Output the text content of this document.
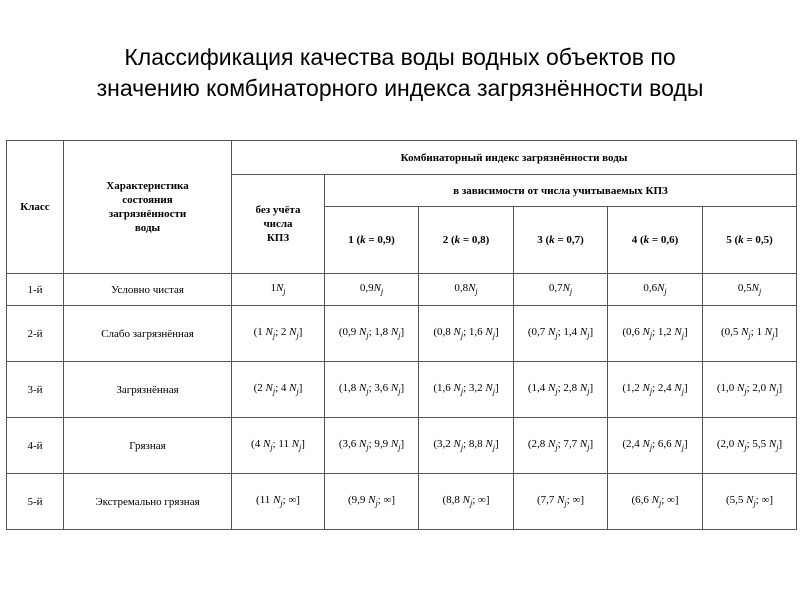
Классификация качества воды водных объектов по
значению комбинаторного индекса загрязнённости воды
Класс	Характеристика
состояния
загрязнённости
воды	Комбинаторный индекс загрязнённости воды					

		без учёта
числа
КПЗ	в зависимости от числа учитываемых КПЗ				
			1 (k = 0,9)	2 (k = 0,8)	3 (k = 0,7)	4 (k = 0,6)	5 (k = 0,5)
1-й	Условно чистая	$1N_j$	$0,9N_j$	$0,8N_j$	$0,7N_j$	$0,6N_j$	$0,5N_j$
2-й	Слабо загрязнённая	(1 $N_j$; 2 $N_j$]	(0,9 $N_j$; 1,8 $N_j$]	(0,8 $N_j$; 1,6 $N_j$]	(0,7 $N_j$; 1,4 $N_j$]	(0,6 $N_j$; 1,2 $N_j$]	(0,5 $N_j$; 1 $N_j$]
3-й	Загрязнённая	(2 $N_j$; 4 $N_j$]	(1,8 $N_j$; 3,6 $N_j$]	(1,6 $N_j$; 3,2 $N_j$]	(1,4 $N_j$; 2,8 $N_j$]	(1,2 $N_j$; 2,4 $N_j$]	(1,0 $N_j$; 2,0 $N_j$]
4-й	Грязная	(4 $N_j$; 11 $N_j$]	(3,6 $N_j$; 9,9 $N_j$]	(3,2 $N_j$; 8,8 $N_j$]	(2,8 $N_j$; 7,7 $N_j$]	(2,4 $N_j$; 6,6 $N_j$]	(2,0 $N_j$; 5,5 $N_j$]
5-й	Экстремально грязная	(11 $N_j$; ∞]	(9,9 $N_j$; ∞]	(8,8 $N_j$; ∞]	(7,7 $N_j$; ∞]	(6,6 $N_j$; ∞]	(5,5 $N_j$; ∞]
